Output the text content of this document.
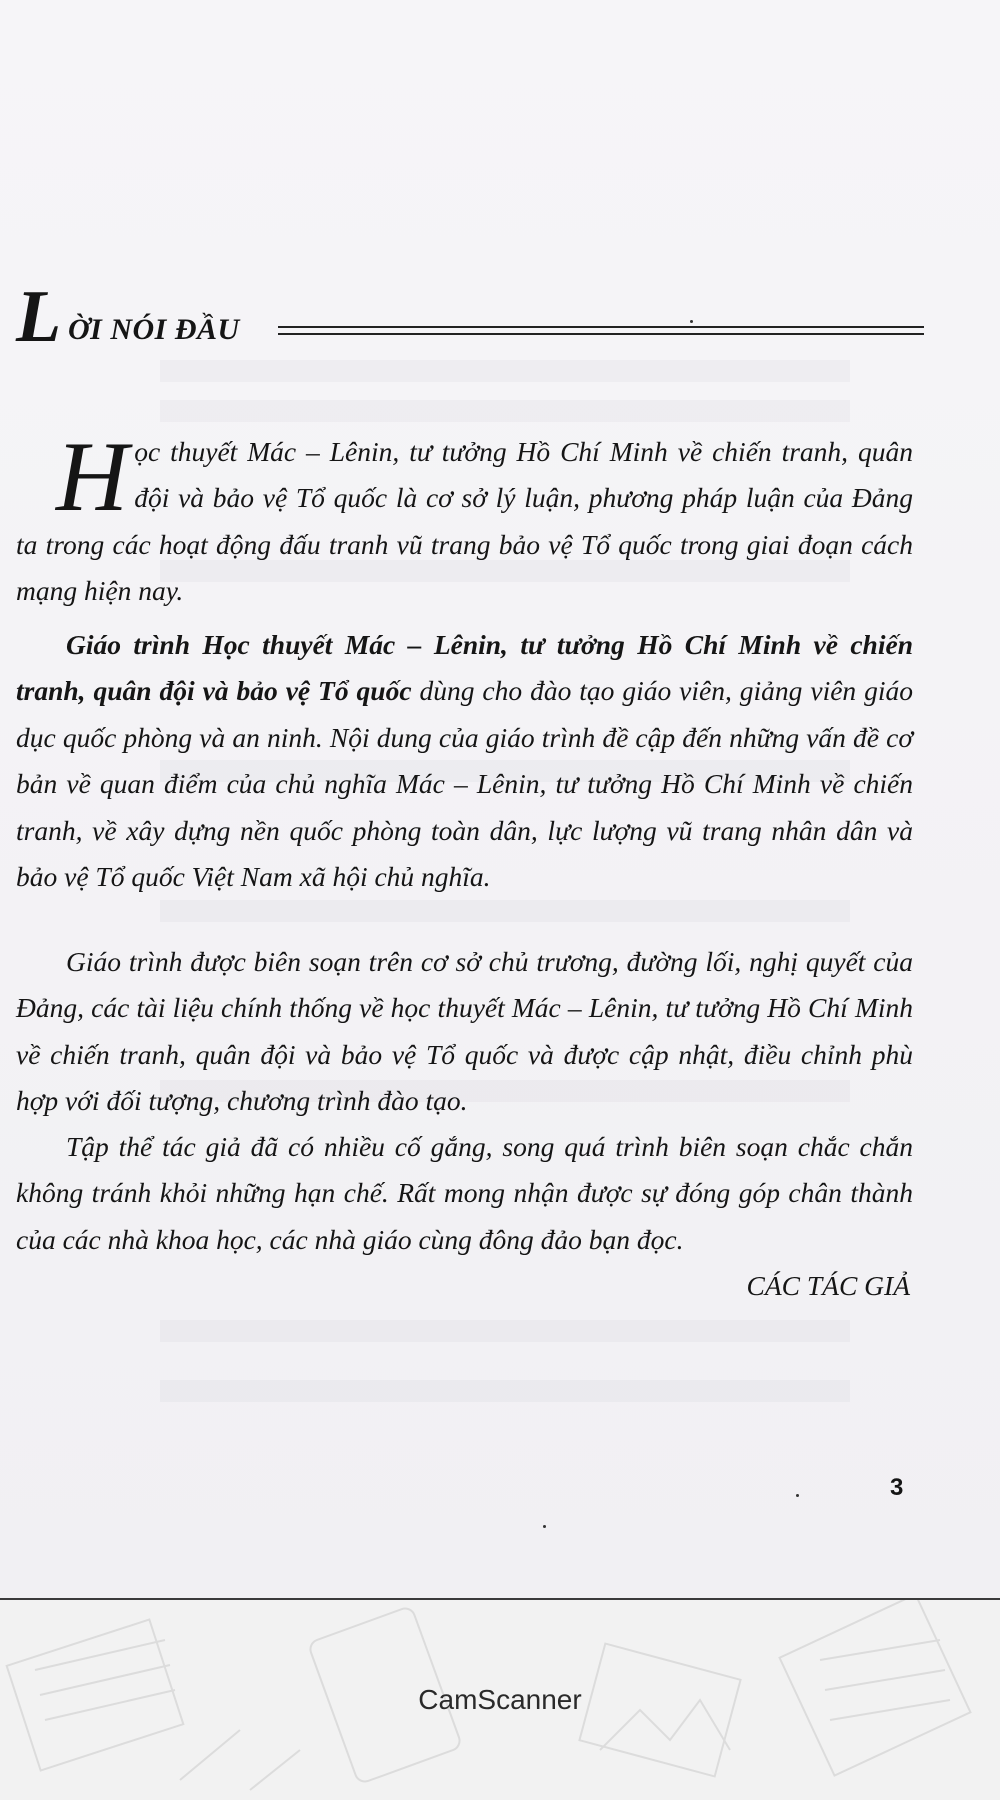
L ỜI NÓI ĐẦU

Học thuyết Mác – Lênin, tư tưởng Hồ Chí Minh về chiến tranh, quân đội và bảo vệ Tổ quốc là cơ sở lý luận, phương pháp luận của Đảng ta trong các hoạt động đấu tranh vũ trang bảo vệ Tổ quốc trong giai đoạn cách mạng hiện nay.

Giáo trình Học thuyết Mác – Lênin, tư tưởng Hồ Chí Minh về chiến tranh, quân đội và bảo vệ Tổ quốc dùng cho đào tạo giáo viên, giảng viên giáo dục quốc phòng và an ninh. Nội dung của giáo trình đề cập đến những vấn đề cơ bản về quan điểm của chủ nghĩa Mác – Lênin, tư tưởng Hồ Chí Minh về chiến tranh, về xây dựng nền quốc phòng toàn dân, lực lượng vũ trang nhân dân và bảo vệ Tổ quốc Việt Nam xã hội chủ nghĩa.

Giáo trình được biên soạn trên cơ sở chủ trương, đường lối, nghị quyết của Đảng, các tài liệu chính thống về học thuyết Mác – Lênin, tư tưởng Hồ Chí Minh về chiến tranh, quân đội và bảo vệ Tổ quốc và được cập nhật, điều chỉnh phù hợp với đối tượng, chương trình đào tạo.

Tập thể tác giả đã có nhiều cố gắng, song quá trình biên soạn chắc chắn không tránh khỏi những hạn chế. Rất mong nhận được sự đóng góp chân thành của các nhà khoa học, các nhà giáo cùng đông đảo bạn đọc.

CÁC TÁC GIẢ
3
CamScanner
